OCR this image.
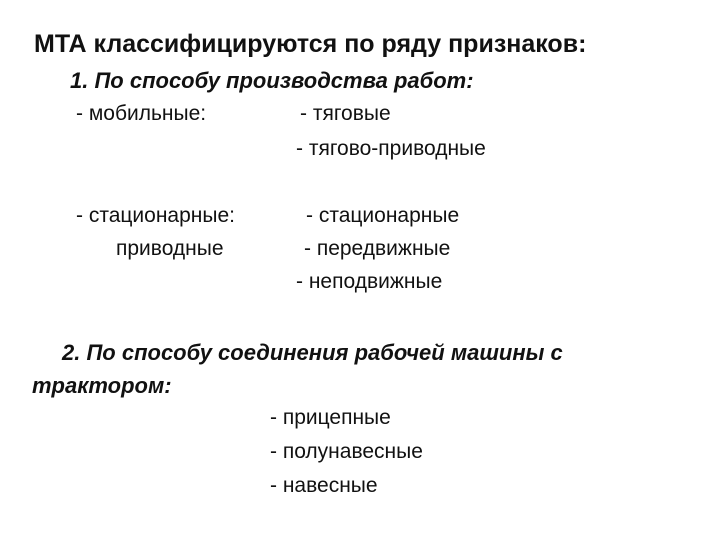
МТА классифицируются по ряду признаков:
1. По способу производства работ:
- мобильные:	- тяговые
- тягово-приводные
- стационарные:
приводные
- стационарные
- передвижные
- неподвижные
2. По способу соединения рабочей машины с
трактором:
- прицепные
- полунавесные
- навесные
